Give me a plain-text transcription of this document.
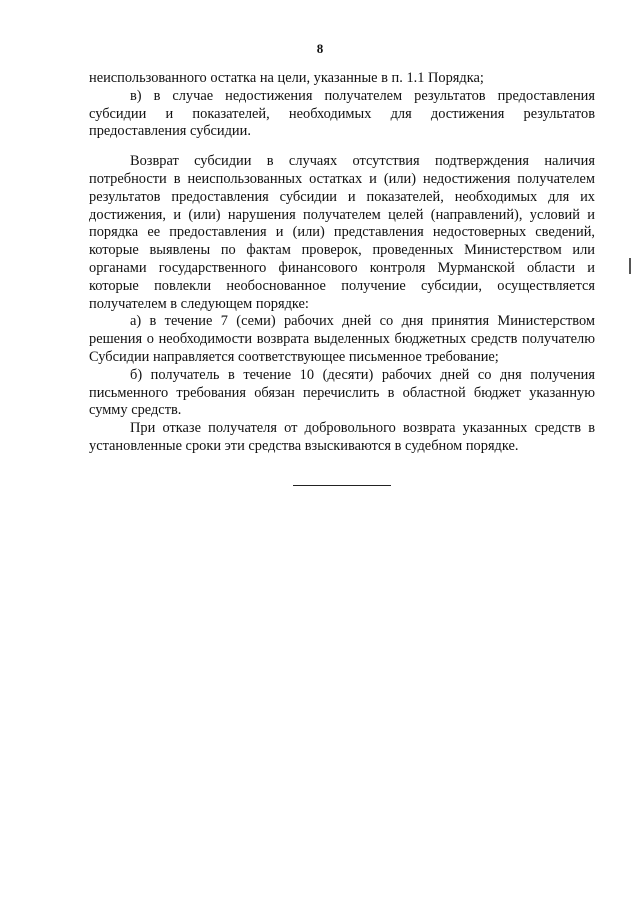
8

неиспользованного остатка на цели, указанные в п. 1.1 Порядка;

в) в случае недостижения получателем результатов предоставления субсидии и показателей, необходимых для достижения результатов предоставления субсидии.

Возврат субсидии в случаях отсутствия подтверждения наличия потребности в неиспользованных остатках и (или) недостижения получателем результатов предоставления субсидии и показателей, необходимых для их достижения, и (или) нарушения получателем целей (направлений), условий и порядка ее предоставления и (или) представления недостоверных сведений, которые выявлены по фактам проверок, проведенных Министерством или органами государственного финансового контроля Мурманской области и которые повлекли необоснованное получение субсидии, осуществляется получателем в следующем порядке:

а) в течение 7 (семи) рабочих дней со дня принятия Министерством решения о необходимости возврата выделенных бюджетных средств получателю Субсидии направляется соответствующее письменное требование;

б) получатель в течение 10 (десяти) рабочих дней со дня получения письменного требования обязан перечислить в областной бюджет указанную сумму средств.

При отказе получателя от добровольного возврата указанных средств в установленные сроки эти средства взыскиваются в судебном порядке.
